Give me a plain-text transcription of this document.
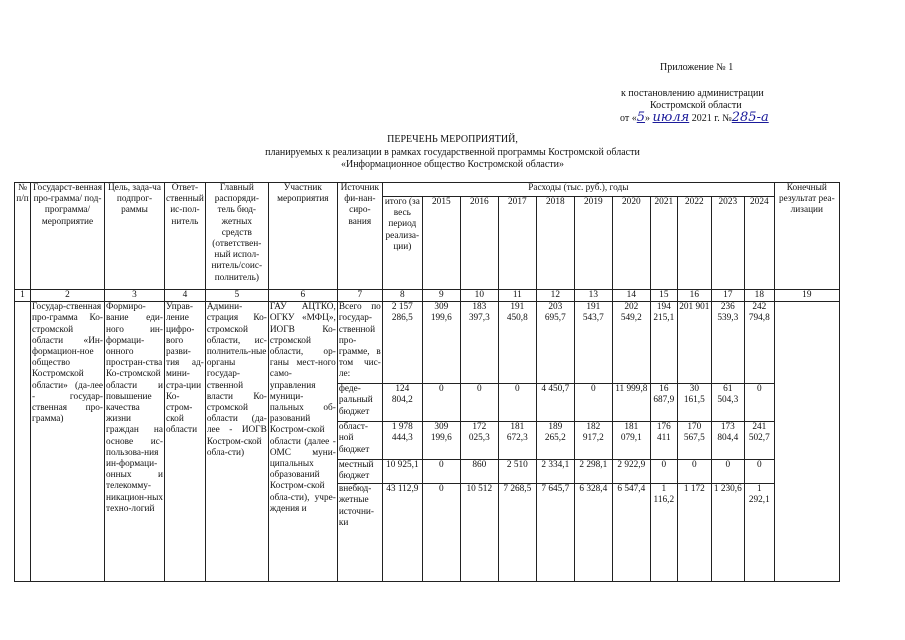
Приложение № 1
к постановлению администрации
Костромской области
от «5» июля 2021 г. №285-а
ПЕРЕЧЕНЬ МЕРОПРИЯТИЙ,
планируемых к реализации в рамках государственной программы Костромской области
«Информационное общество Костромской области»
№ п/п	Государст-венная про-грамма/ под-программа/ мероприятие	Цель, зада-ча подпрог-раммы	Ответ-ственный ис-пол-нитель	Главный распоряди-тель бюд-жетных средств (ответствен-ный испол-нитель/соис-полнитель)	Участник мероприятия	Источник фи-нан-сиро-вания	Расходы (тыс. руб.), годы											Конечный результат реа-лизации
							итого (за весь период реализа-ции)	2015	2016	2017	2018	2019	2020	2021	2022	2023	2024	
1	2	3	4	5	6	7	8	9	10	11	12	13	14	15	16	17	18	19
	Государ-ственная про-грамма Ко-стромской области «Ин-формацион-ное общество Костромской области» (да-лее - государ-ственная про-грамма)	Формиро-вание еди-ного ин-формаци-онного простран-ства Ко-стромской области и повышение качества жизни граждан на основе ис-пользова-ния ин-формаци-онных и телекомму-никацион-ных техно-логий	Управ-ление цифро-вого разви-тия ад-мини-стра-ции Ко-стром-ской области	Админи-страция Ко-стромской области, ис-полнитель-ные органы государ-ственной власти Ко-стромской области (да-лее - ИОГВ Костром-ской обла-сти)	ГАУ АЦТКО, ОГКУ «МФЦ», ИОГВ Ко-стромской области, ор-ганы мест-ного само-управления муници-пальных об-разований Костром-ской области (далее - ОМС муни-ципальных образований Костром-ской обла-сти), учре-ждения и	Всего по государ-ственной про-грамме, в том чис-ле:	2 157 286,5	309 199,6	183 397,3	191 450,8	203 695,7	191 543,7	202 549,2	194 215,1	201 901	236 539,3	242 794,8	
						феде-ральный бюджет	124 804,2	0	0	0	4 450,7	0	11 999,8	16 687,9	30 161,5	61 504,3	0	
						област-ной бюджет	1 978 444,3	309 199,6	172 025,3	181 672,3	189 265,2	182 917,2	181 079,1	176 411	170 567,5	173 804,4	241 502,7	
						местный бюджет	10 925,1	0	860	2 510	2 334,1	2 298,1	2 922,9	0	0	0	0	
						внебюд-жетные источни-ки	43 112,9	0	10 512	7 268,5	7 645,7	6 328,4	6 547,4	1 116,2	1 172	1 230,6	1 292,1	
